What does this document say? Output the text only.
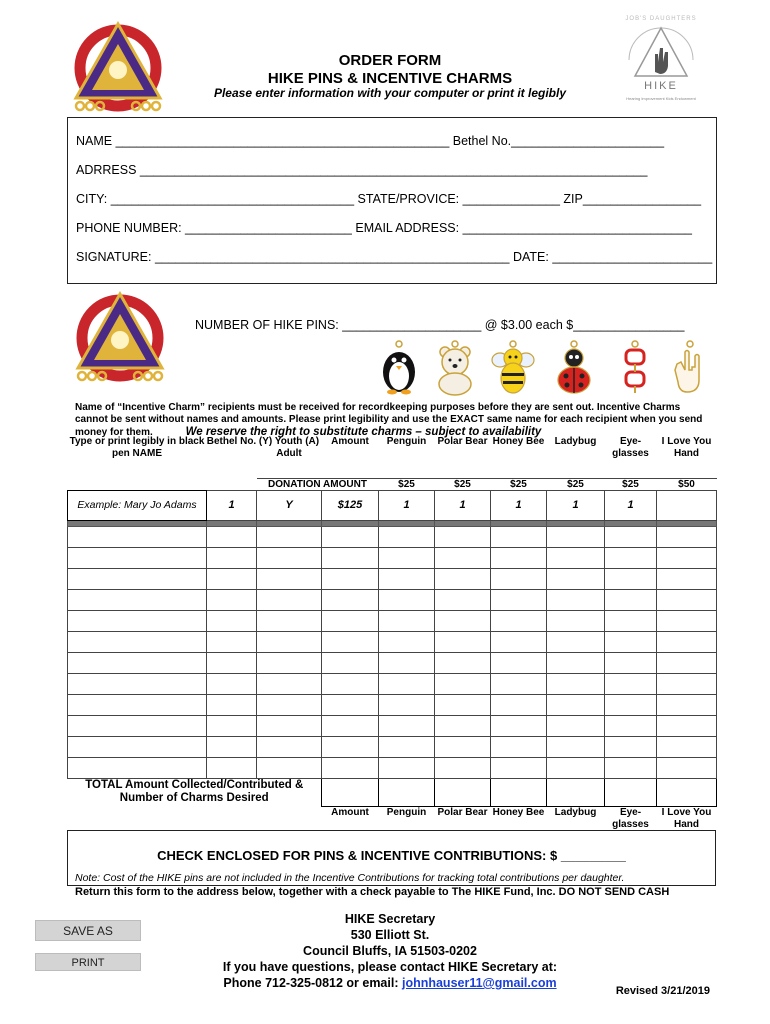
ORDER FORM
HIKE PINS & INCENTIVE CHARMS
Please enter information with your computer or print it legibly
JOB'S DAUGHTERS
HIKE
Hearing Improvement Kids Endowment
NAME ________________________________________________ Bethel No.______________________
ADRRESS _________________________________________________________________________
CITY: ___________________________________ STATE/PROVICE: ______________ ZIP_________________
PHONE NUMBER: ________________________ EMAIL ADDRESS: _________________________________
SIGNATURE: ___________________________________________________ DATE: _______________________
NUMBER OF HIKE PINS: ____________________ @ $3.00 each $________________
Name of “Incentive Charm” recipients must be received for recordkeeping purposes before they are sent out. Incentive Charms cannot be sent without names and amounts. Please print legibility and use the EXACT same name for each recipient when you send money for them.	We reserve the right to substitute charms – subject to availability
Type or print legibly in black pen NAME	Bethel No.	(Y) Youth (A) Adult	Amount	Penguin	Polar Bear	Honey Bee	Ladybug	Eye-glasses	I Love You Hand
		DONATION AMOUNT		$25	$25	$25	$25	$25	$50
Example: Mary Jo Adams	1	Y	$125	1	1	1	1	1	

TOTAL Amount Collected/Contributed & Number of Charms Desired									
			Amount	Penguin	Polar Bear	Honey Bee	Ladybug	Eye-glasses	I Love You Hand
CHECK ENCLOSED FOR PINS & INCENTIVE CONTRIBUTIONS: $ _________
Note: Cost of the HIKE pins are not included in the Incentive Contributions for tracking total contributions per daughter.
Return this form to the address below, together with a check payable to The HIKE Fund, Inc. DO NOT SEND CASH
SAVE AS
PRINT
HIKE Secretary
530 Elliott St.
Council Bluffs, IA 51503-0202
If you have questions, please contact HIKE Secretary at:
Phone 712-325-0812 or email: johnhauser11@gmail.com
Revised 3/21/2019
